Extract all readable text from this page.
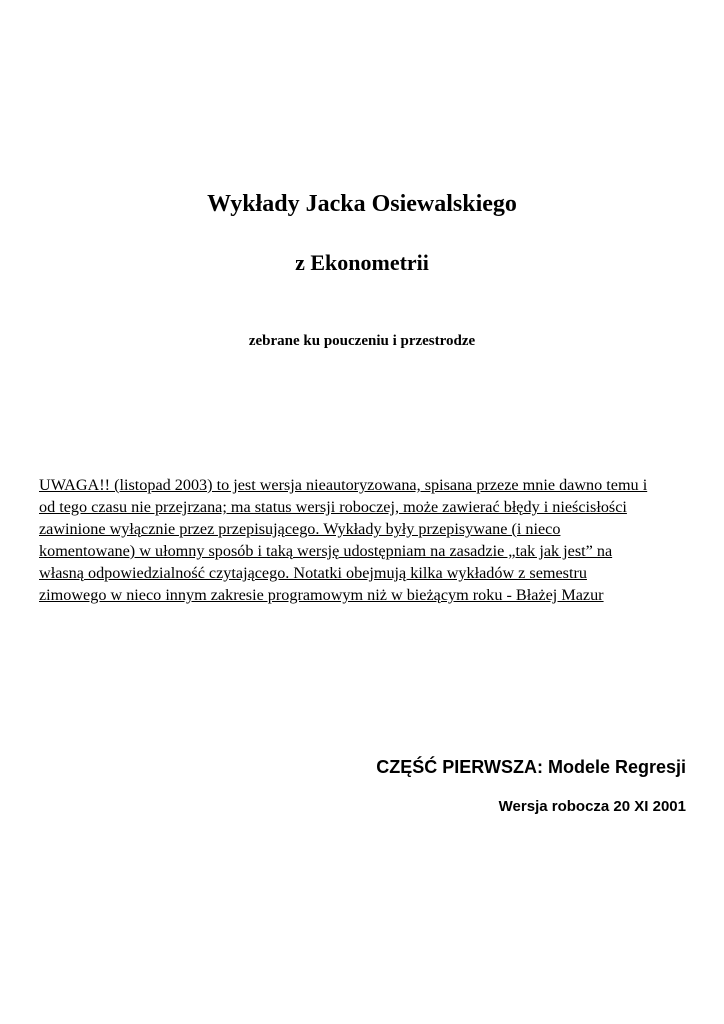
Wykłady Jacka Osiewalskiego
z Ekonometrii

zebrane ku pouczeniu i przestrodze

UWAGA!! (listopad 2003) to jest wersja nieautoryzowana, spisana przeze mnie dawno temu i
od tego czasu nie przejrzana; ma status wersji roboczej, może zawierać błędy i nieścisłości
zawinione wyłącznie przez przepisującego. Wykłady były przepisywane (i nieco
komentowane) w ułomny sposób i taką wersję udostępniam na zasadzie „tak jak jest” na
własną odpowiedzialność czytającego. Notatki obejmują kilka wykładów z semestru
zimowego w nieco innym zakresie programowym niż w bieżącym roku - Błażej Mazur

CZĘŚĆ PIERWSZA: Modele Regresji

Wersja robocza 20 XI 2001
